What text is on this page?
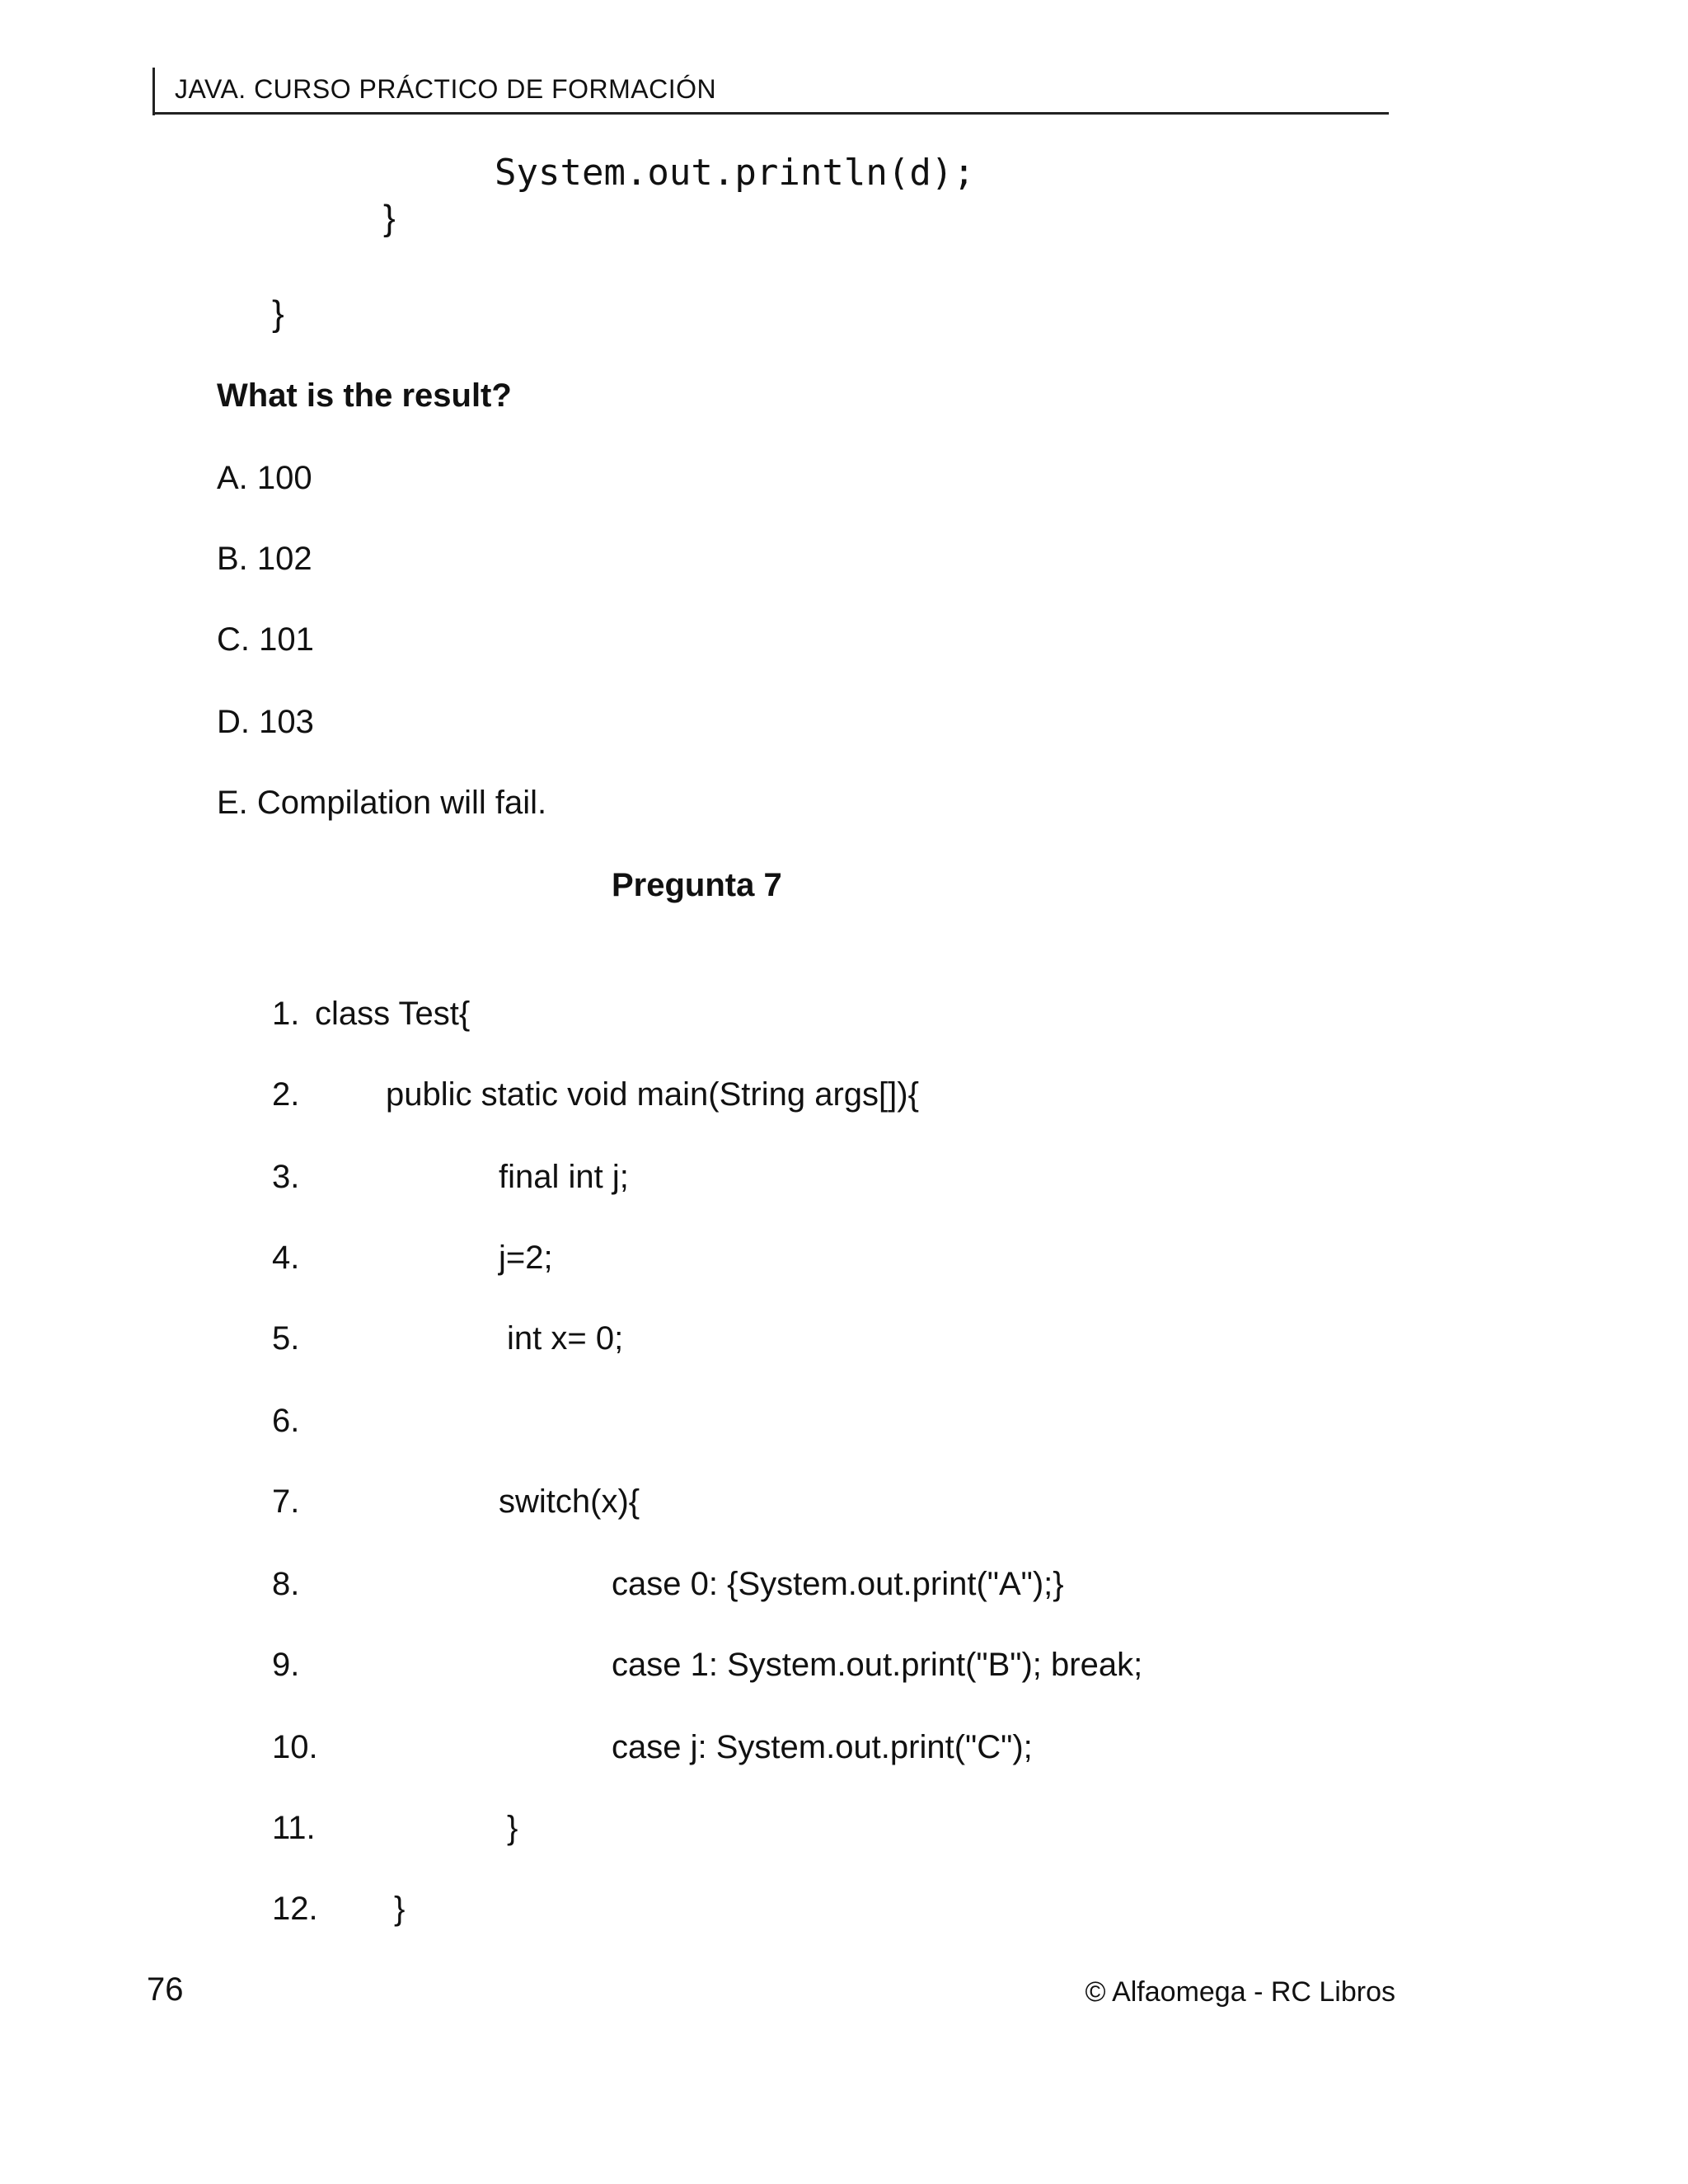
JAVA. CURSO PRÁCTICO DE FORMACIÓN
System.out.println(d);
}
}
What is the result?
A. 100
B. 102
C. 101
D. 103
E. Compilation will fail.
Pregunta 7
1. class Test{
2.	public static void main(String args[]){
3.	final int j;
4.	j=2;
5.	int x= 0;
6.
7.	switch(x){
8.	case 0: {System.out.print("A");}
9.	case 1: System.out.print("B"); break;
10.	case j: System.out.print("C");
11.	}
12. }
76	© Alfaomega - RC Libros
